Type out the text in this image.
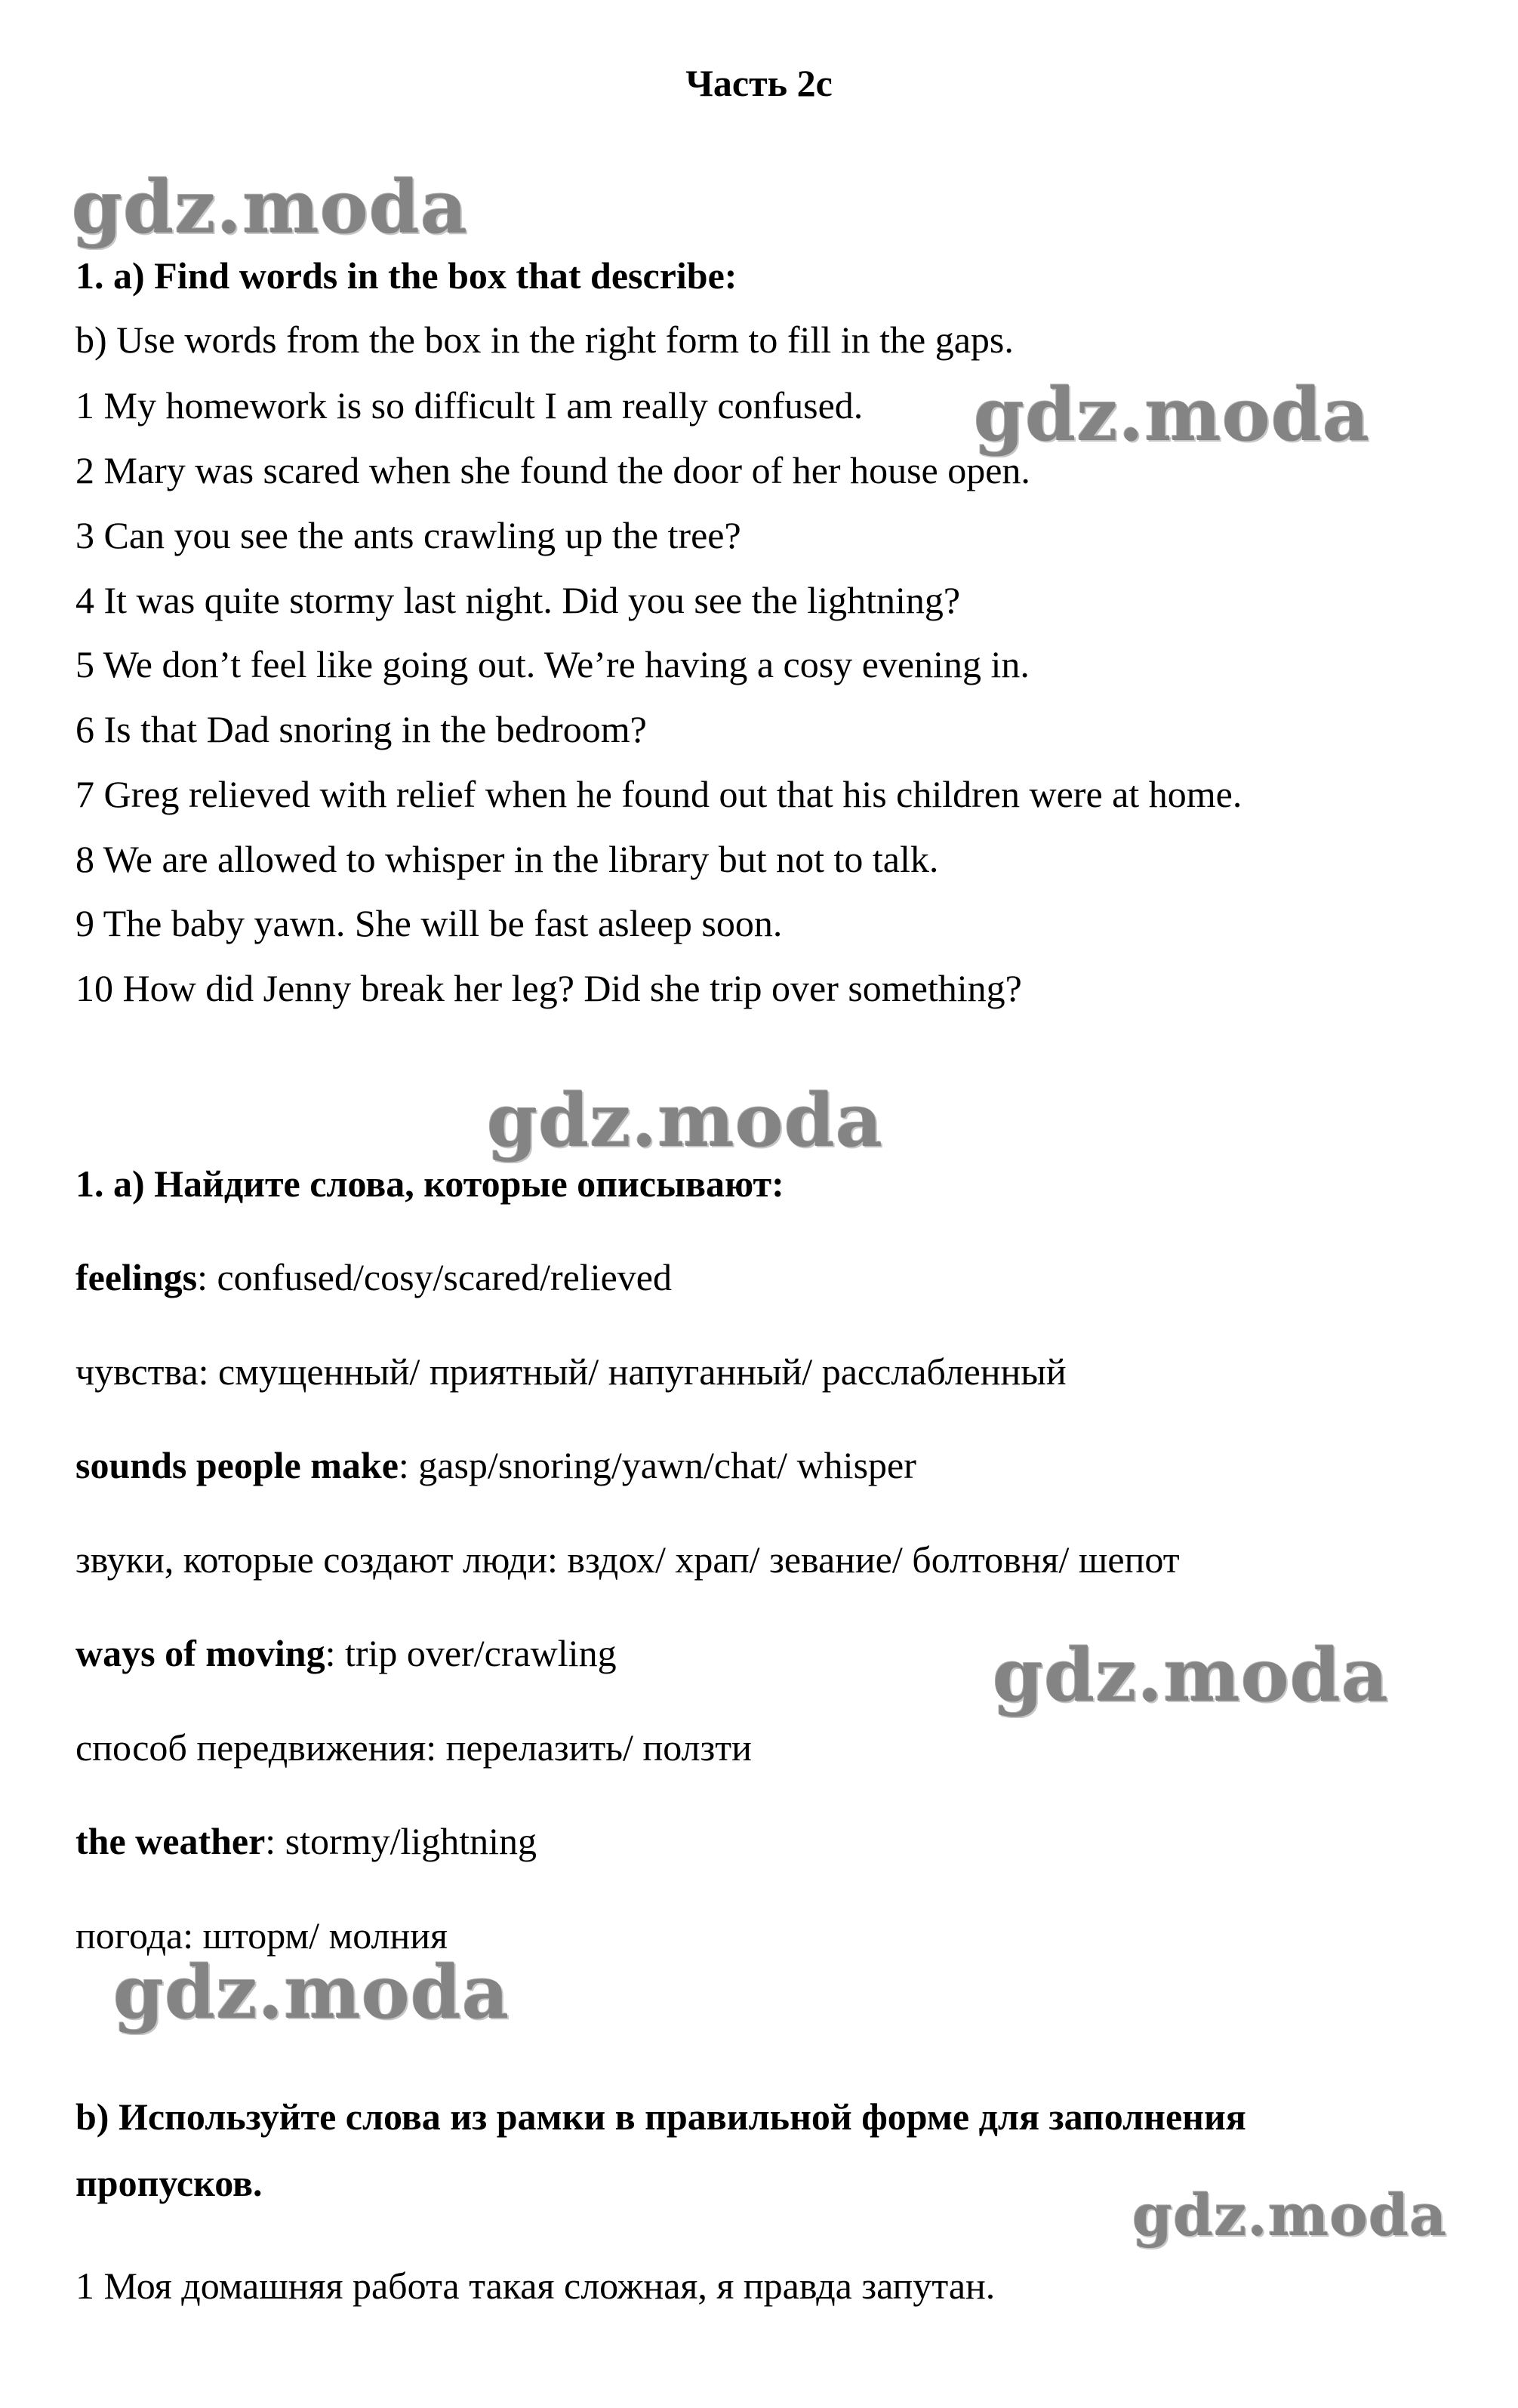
Часть 2с
gdz.moda
gdz.moda
gdz.moda
gdz.moda
gdz.moda
gdz.moda
1. a) Find words in the box that describe:
b) Use words from the box in the right form to fill in the gaps.
1 My homework is so difficult I am really confused.
2 Mary was scared when she found the door of her house open.
3 Can you see the ants crawling up the tree?
4 It was quite stormy last night. Did you see the lightning?
5 We don’t feel like going out. We’re having a cosy evening in.
6 Is that Dad snoring in the bedroom?
7 Greg relieved with relief when he found out that his children were at home.
8 We are allowed to whisper in the library but not to talk.
9 The baby yawn. She will be fast asleep soon.
10 How did Jenny break her leg? Did she trip over something?
1. а) Найдите слова, которые описывают:
feelings: confused/cosy/scared/relieved
чувства: смущенный/ приятный/ напуганный/ расслабленный
sounds people make: gasp/snoring/yawn/chat/ whisper
звуки, которые создают люди: вздох/ храп/ зевание/ болтовня/ шепот
ways of moving: trip over/crawling
способ передвижения: перелазить/ ползти
the weather: stormy/lightning
погода: шторм/ молния
b) Используйте слова из рамки в правильной форме для заполнения
пропусков.
1 Моя домашняя работа такая сложная, я правда запутан.
